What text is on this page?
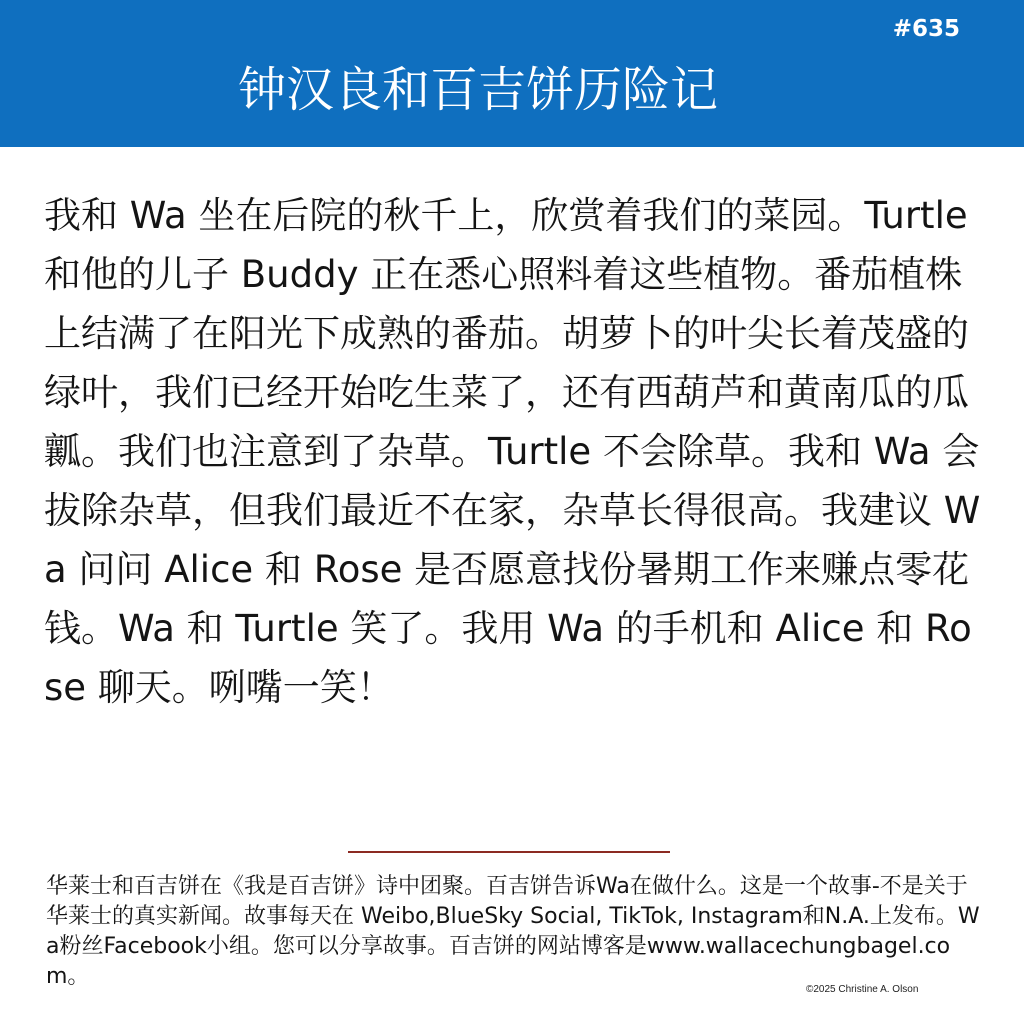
#635
钟汉良和百吉饼历险记

我和 Wa 坐在后院的秋千上，欣赏着我们的菜园。Turtle 和他的儿子 Buddy 正在悉心照料着这些植物。番茄植株上结满了在阳光下成熟的番茄。胡萝卜的叶尖长着茂盛的绿叶，我们已经开始吃生菜了，还有西葫芦和黄南瓜的瓜瓤。我们也注意到了杂草。Turtle 不会除草。我和 Wa 会拔除杂草，但我们最近不在家，杂草长得很高。我建议 Wa 问问 Alice 和 Rose 是否愿意找份暑期工作来赚点零花钱。Wa 和 Turtle 笑了。我用 Wa 的手机和 Alice 和 Rose 聊天。咧嘴一笑！

华莱士和百吉饼在《我是百吉饼》诗中团聚。百吉饼告诉Wa在做什么。这是一个故事-不是关于华莱士的真实新闻。故事每天在 Weibo,BlueSky Social, TikTok, Instagram和N.A.上发布。Wa粉丝Facebook小组。您可以分享故事。百吉饼的网站博客是www.wallacechungbagel.com。

©2025 Christine A. Olson
